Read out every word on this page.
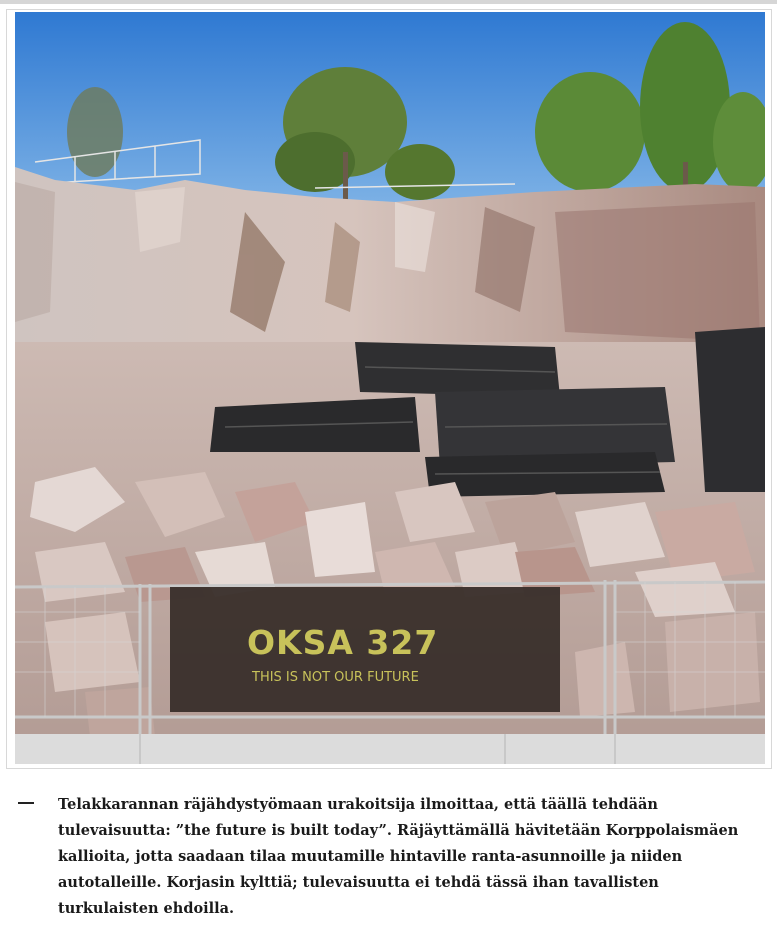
OKSA 327
THIS IS NOT OUR FUTURE

Telakkarannan räjähdystyömaan urakoitsija ilmoittaa, että täällä tehdään tulevaisuutta: ”the future is built today”. Räjäyttämällä hävitetään Korppolaismäen kallioita, jotta saadaan tilaa muutamille hintaville ranta-asunnoille ja niiden autotalleille. Korjasin kylttiä; tulevaisuutta ei tehdä tässä ihan tavallisten turkulaisten ehdoilla.
